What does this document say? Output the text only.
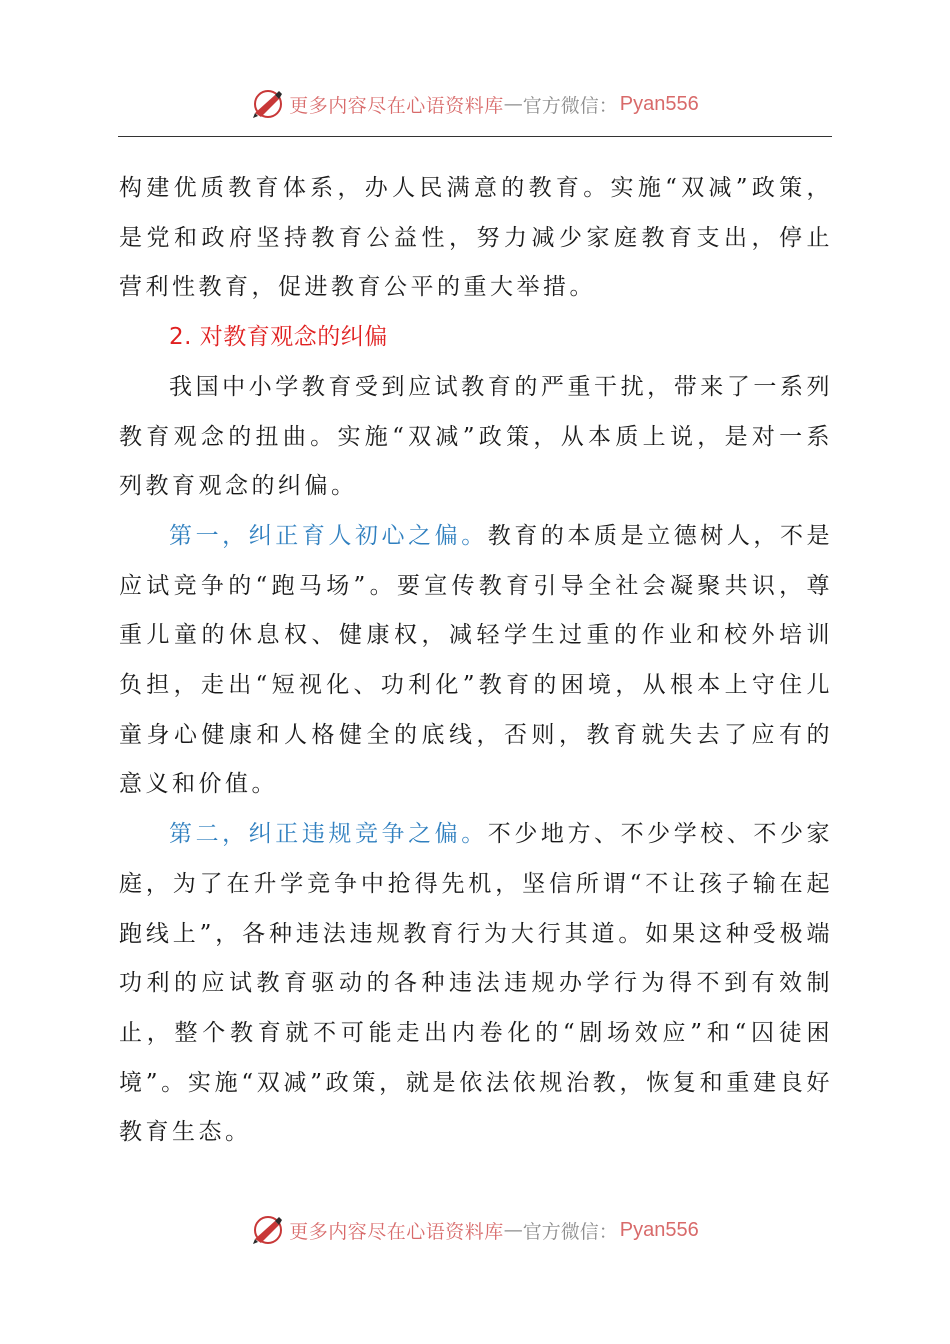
更多内容尽在心语资料库 — 官方微信： Pyan556

构建优质教育体系，办人民满意的教育。实施“双减”政策，是党和政府坚持教育公益性，努力减少家庭教育支出，停止营利性教育，促进教育公平的重大举措。

2. 对教育观念的纠偏

我国中小学教育受到应试教育的严重干扰，带来了一系列教育观念的扭曲。实施“双减”政策，从本质上说，是对一系列教育观念的纠偏。

第一，纠正育人初心之偏。教育的本质是立德树人，不是应试竞争的“跑马场”。要宣传教育引导全社会凝聚共识，尊重儿童的休息权、健康权，减轻学生过重的作业和校外培训负担，走出“短视化、功利化”教育的困境，从根本上守住儿童身心健康和人格健全的底线，否则，教育就失去了应有的意义和价值。

第二，纠正违规竞争之偏。不少地方、不少学校、不少家庭，为了在升学竞争中抢得先机，坚信所谓“不让孩子输在起跑线上”，各种违法违规教育行为大行其道。如果这种受极端功利的应试教育驱动的各种违法违规办学行为得不到有效制止，整个教育就不可能走出内卷化的“剧场效应”和“囚徒困境”。实施“双减”政策，就是依法依规治教，恢复和重建良好教育生态。

更多内容尽在心语资料库 — 官方微信： Pyan556
